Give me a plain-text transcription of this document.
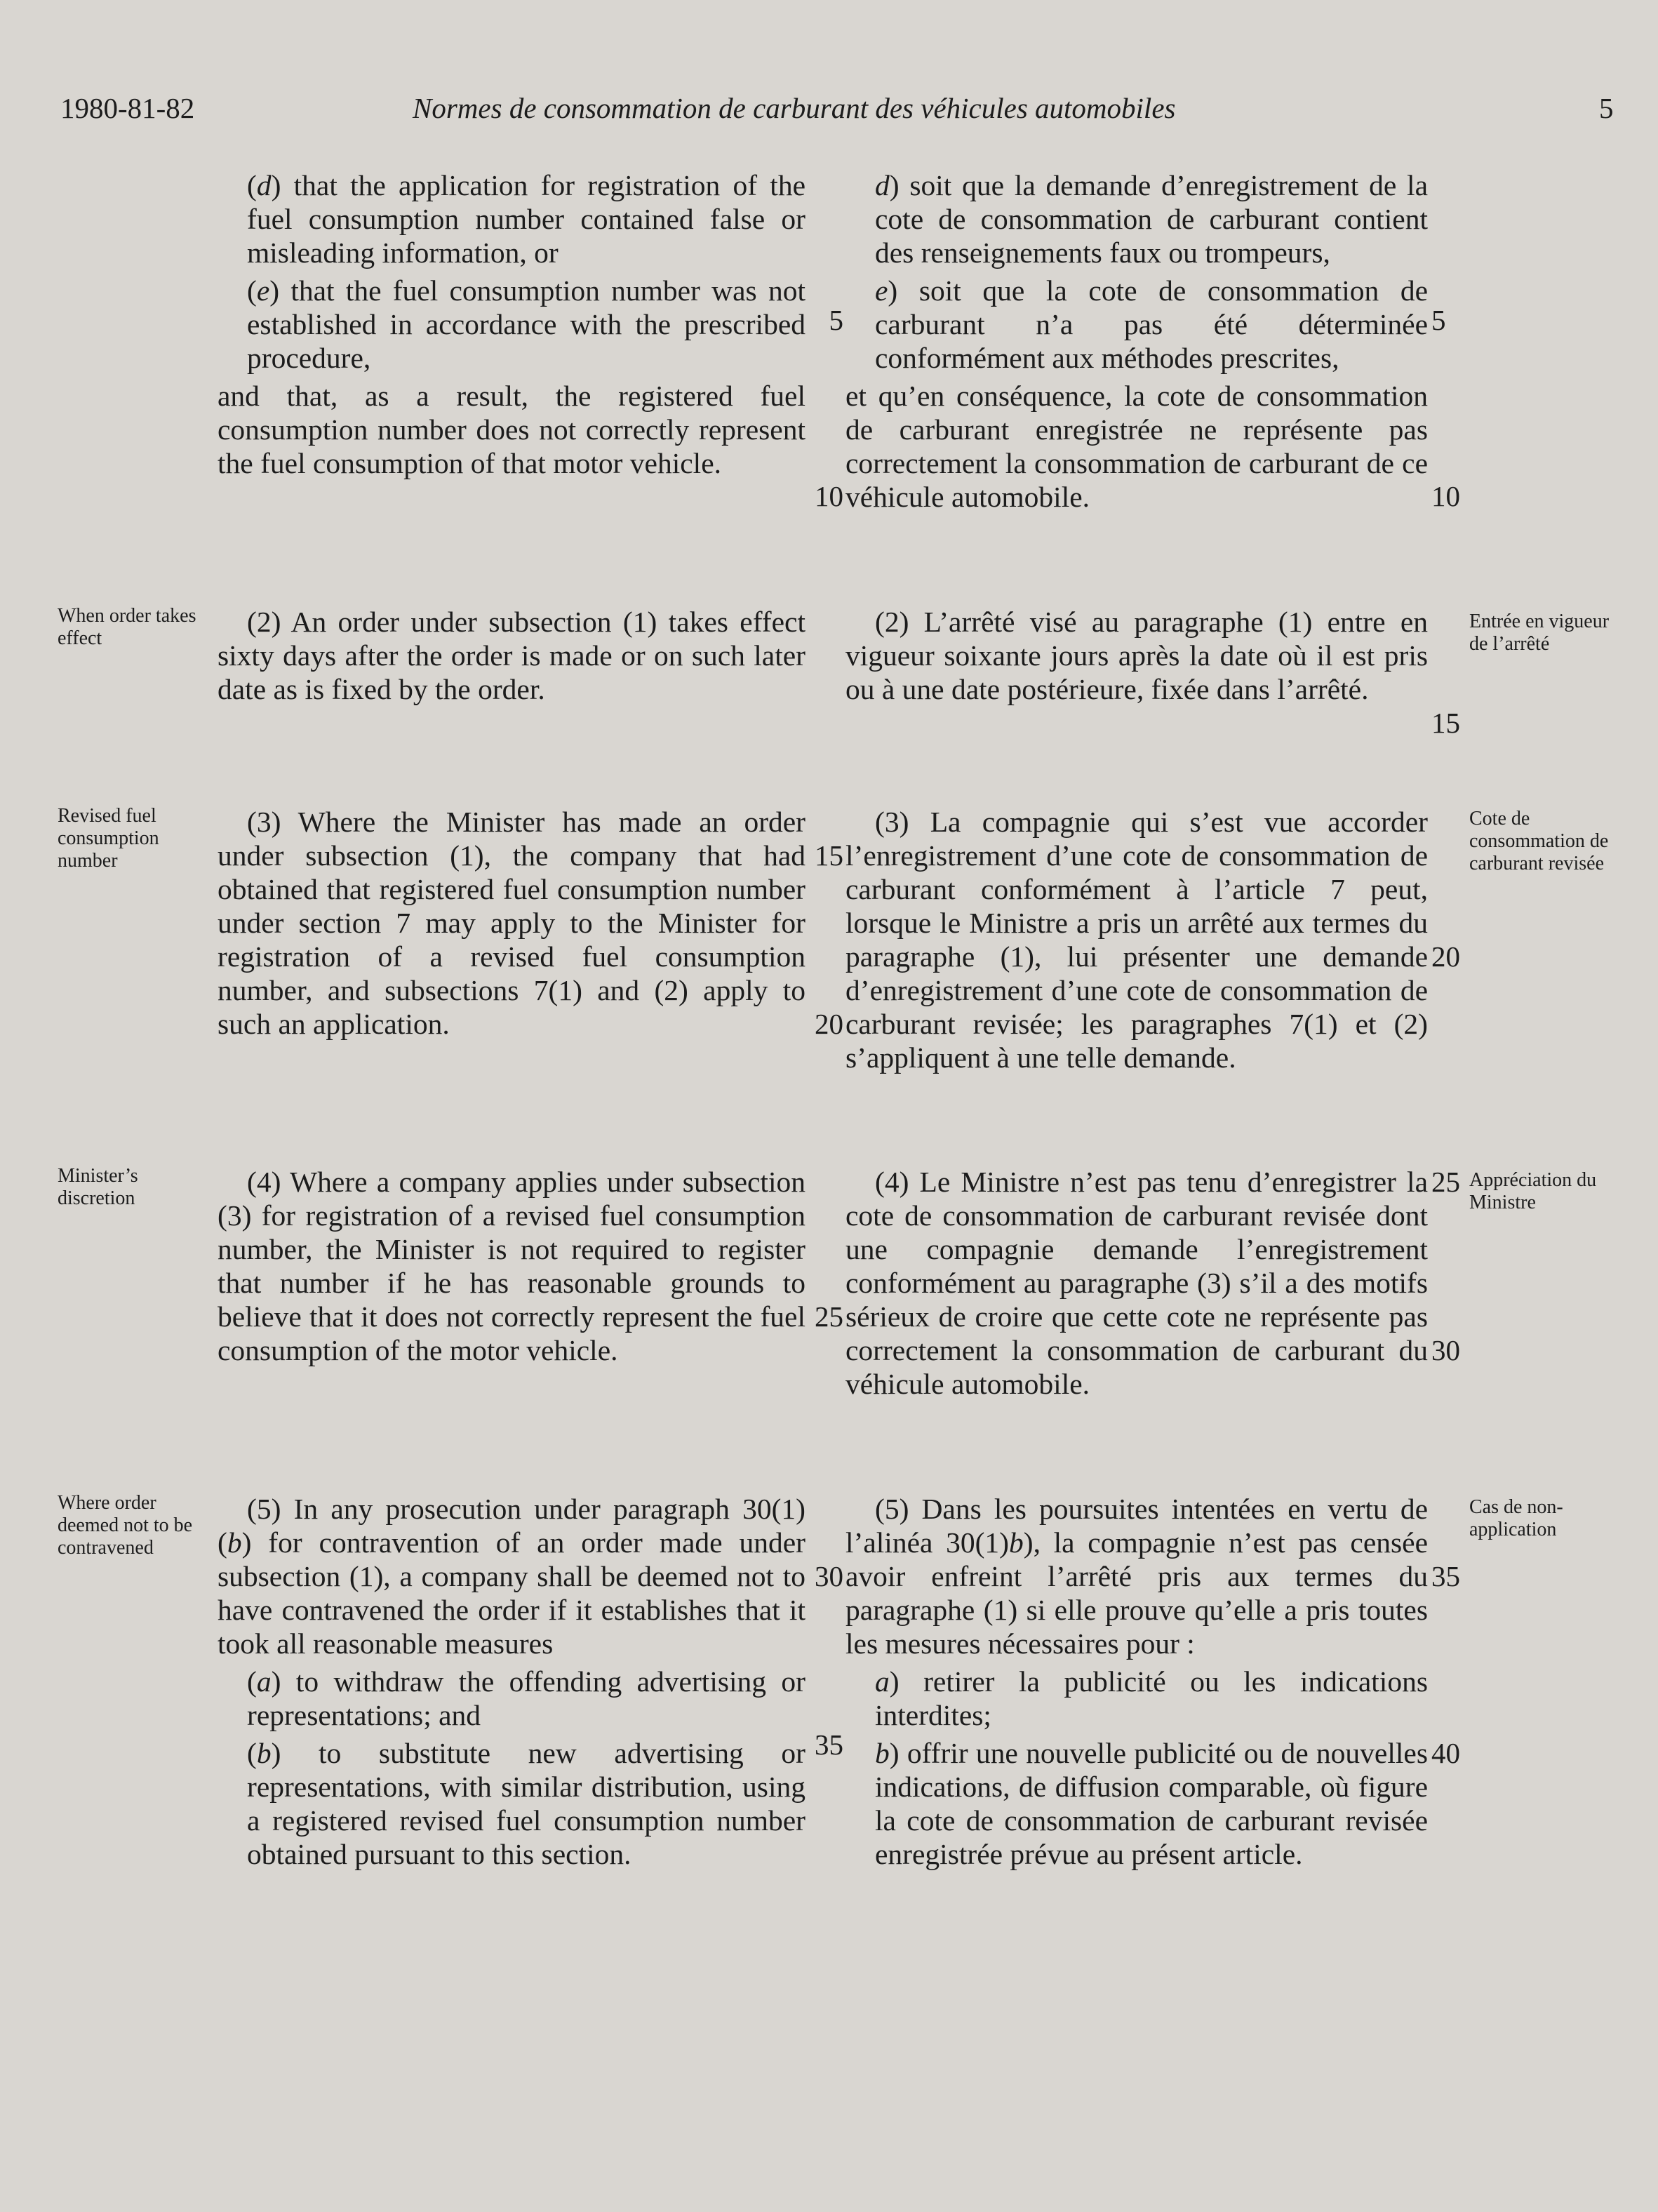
1980-81-82	Normes de consommation de carburant des véhicules automobiles	5

(d) that the application for registration of the fuel consumption number contained false or misleading information, or

(e) that the fuel consumption number was not established in accordance with the prescribed procedure,

and that, as a result, the registered fuel consumption number does not correctly represent the fuel consumption of that motor vehicle.

d) soit que la demande d’enregistrement de la cote de consommation de carburant contient des renseignements faux ou trompeurs,

e) soit que la cote de consommation de carburant n’a pas été déterminée conformément aux méthodes prescrites,

et qu’en conséquence, la cote de consommation de carburant enregistrée ne représente pas correctement la consommation de carburant de ce véhicule automobile.

5	5
10	10
When order takes effect
Entrée en vigueur de l’arrêté

(2) An order under subsection (1) takes effect sixty days after the order is made or on such later date as is fixed by the order.

(2) L’arrêté visé au paragraphe (1) entre en vigueur soixante jours après la date où il est pris ou à une date postérieure, fixée dans l’arrêté.

15
Revised fuel consumption number
Cote de consommation de carburant revisée

(3) Where the Minister has made an order under subsection (1), the company that had obtained that registered fuel consumption number under section 7 may apply to the Minister for registration of a revised fuel consumption number, and subsections 7(1) and (2) apply to such an application.

(3) La compagnie qui s’est vue accorder l’enregistrement d’une cote de consommation de carburant conformément à l’article 7 peut, lorsque le Ministre a pris un arrêté aux termes du paragraphe (1), lui présenter une demande d’enregistrement d’une cote de consommation de carburant revisée; les paragraphes 7(1) et (2) s’appliquent à une telle demande.

15
20
20
Minister’s discretion
Appréciation du Ministre

(4) Where a company applies under subsection (3) for registration of a revised fuel consumption number, the Minister is not required to register that number if he has reasonable grounds to believe that it does not correctly represent the fuel consumption of the motor vehicle.

(4) Le Ministre n’est pas tenu d’enregistrer la cote de consommation de carburant revisée dont une compagnie demande l’enregistrement conformément au paragraphe (3) s’il a des motifs sérieux de croire que cette cote ne représente pas correctement la consommation de carburant du véhicule automobile.

25
25
30
Where order deemed not to be contravened
Cas de non-application

(5) In any prosecution under paragraph 30(1)(b) for contravention of an order made under subsection (1), a company shall be deemed not to have contravened the order if it establishes that it took all reasonable measures

(a) to withdraw the offending advertising or representations; and

(b) to substitute new advertising or representations, with similar distribution, using a registered revised fuel consumption number obtained pursuant to this section.

(5) Dans les poursuites intentées en vertu de l’alinéa 30(1)b), la compagnie n’est pas censée avoir enfreint l’arrêté pris aux termes du paragraphe (1) si elle prouve qu’elle a pris toutes les mesures nécessaires pour :

a) retirer la publicité ou les indications interdites;

b) offrir une nouvelle publicité ou de nouvelles indications, de diffusion comparable, où figure la cote de consommation de carburant revisée enregistrée prévue au présent article.

30	35
35	40
